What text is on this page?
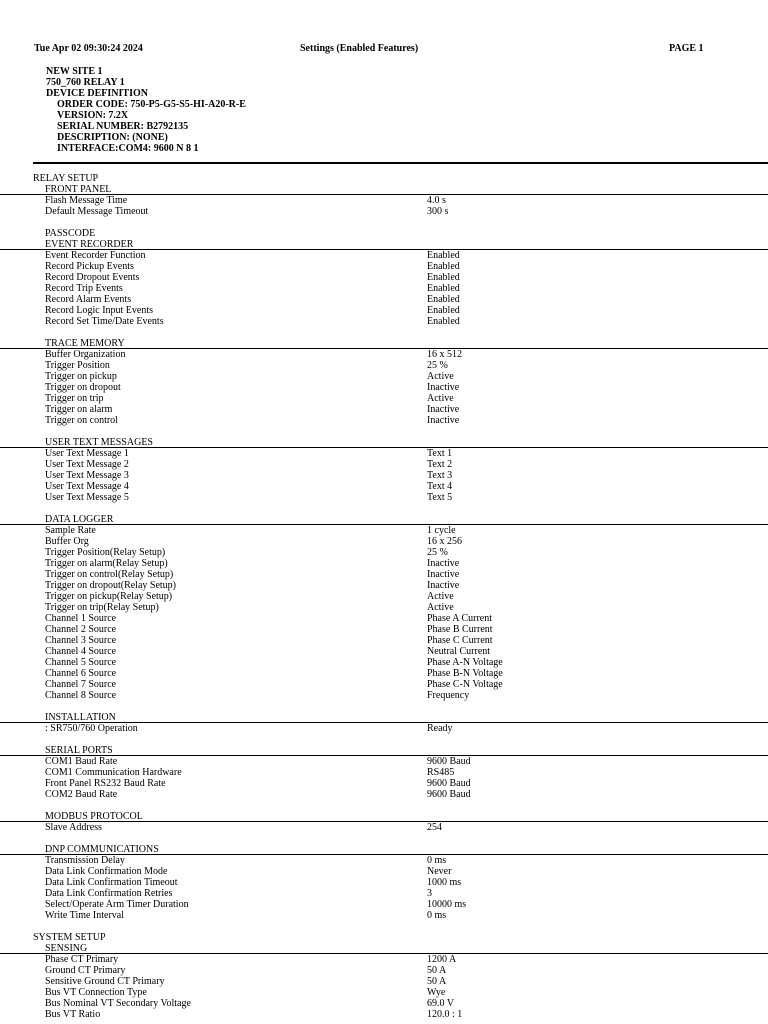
Tue Apr 02 09:30:24 2024	Settings (Enabled Features)	PAGE 1
NEW SITE 1
750_760 RELAY 1
DEVICE DEFINITION
ORDER CODE: 750-P5-G5-S5-HI-A20-R-E
VERSION: 7.2X
SERIAL NUMBER: B2792135
DESCRIPTION: (NONE)
INTERFACE:COM4: 9600 N 8 1
RELAY SETUP
FRONT PANEL
Flash Message Time	4.0 s
Default Message Timeout	300 s
PASSCODE
EVENT RECORDER
Event Recorder Function	Enabled
Record Pickup Events	Enabled
Record Dropout Events	Enabled
Record Trip Events	Enabled
Record Alarm Events	Enabled
Record Logic Input Events	Enabled
Record Set Time/Date Events	Enabled
TRACE MEMORY
Buffer Organization	16 x 512
Trigger Position	25 %
Trigger on pickup	Active
Trigger on dropout	Inactive
Trigger on trip	Active
Trigger on alarm	Inactive
Trigger on control	Inactive
USER TEXT MESSAGES
User Text Message 1	Text 1
User Text Message 2	Text 2
User Text Message 3	Text 3
User Text Message 4	Text 4
User Text Message 5	Text 5
DATA LOGGER
Sample Rate	1 cycle
Buffer Org	16 x 256
Trigger Position(Relay Setup)	25 %
Trigger on alarm(Relay Setup)	Inactive
Trigger on control(Relay Setup)	Inactive
Trigger on dropout(Relay Setup)	Inactive
Trigger on pickup(Relay Setup)	Active
Trigger on trip(Relay Setup)	Active
Channel 1 Source	Phase A Current
Channel 2 Source	Phase B Current
Channel 3 Source	Phase C Current
Channel 4 Source	Neutral Current
Channel 5 Source	Phase A-N Voltage
Channel 6 Source	Phase B-N Voltage
Channel 7 Source	Phase C-N Voltage
Channel 8 Source	Frequency
INSTALLATION
: SR750/760 Operation	Ready
SERIAL PORTS
COM1 Baud Rate	9600 Baud
COM1 Communication Hardware	RS485
Front Panel RS232 Baud Rate	9600 Baud
COM2 Baud Rate	9600 Baud
MODBUS PROTOCOL
Slave Address	254
DNP COMMUNICATIONS
Transmission Delay	0 ms
Data Link Confirmation Mode	Never
Data Link Confirmation Timeout	1000 ms
Data Link Confirmation Retries	3
Select/Operate Arm Timer Duration	10000 ms
Write Time Interval	0 ms
SYSTEM SETUP
SENSING
Phase CT Primary	1200 A
Ground CT Primary	50 A
Sensitive Ground CT Primary	50 A
Bus VT Connection Type	Wye
Bus Nominal VT Secondary Voltage	69.0 V
Bus VT Ratio	120.0 : 1
